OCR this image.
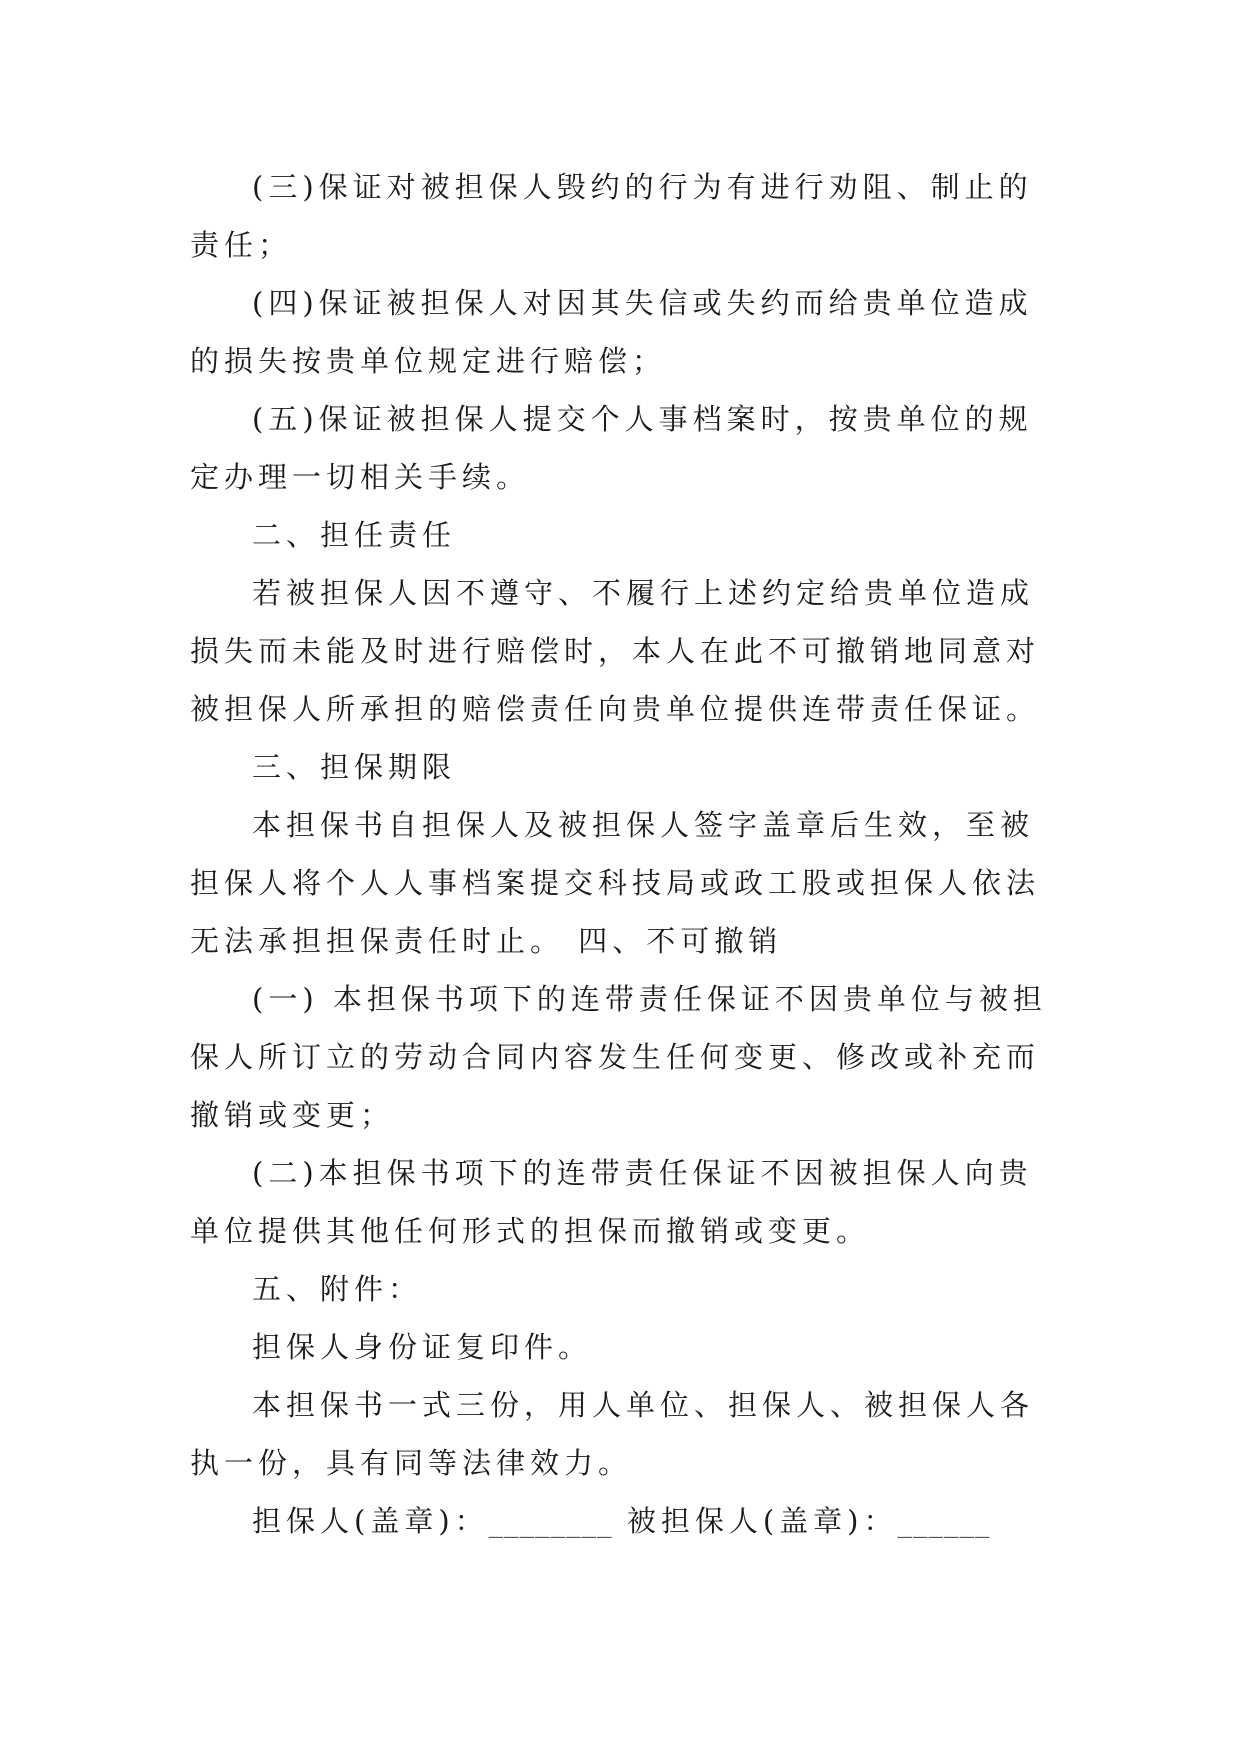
(三)保证对被担保人毁约的行为有进行劝阻、制止的责任；

(四)保证被担保人对因其失信或失约而给贵单位造成的损失按贵单位规定进行赔偿；

(五)保证被担保人提交个人事档案时，按贵单位的规定办理一切相关手续。

二、担任责任

若被担保人因不遵守、不履行上述约定给贵单位造成损失而未能及时进行赔偿时，本人在此不可撤销地同意对被担保人所承担的赔偿责任向贵单位提供连带责任保证。

三、担保期限

本担保书自担保人及被担保人签字盖章后生效，至被担保人将个人人事档案提交科技局或政工股或担保人依法无法承担担保责任时止。 四、不可撤销

(一) 本担保书项下的连带责任保证不因贵单位与被担保人所订立的劳动合同内容发生任何变更、修改或补充而撤销或变更；

(二)本担保书项下的连带责任保证不因被担保人向贵单位提供其他任何形式的担保而撤销或变更。

五、附件：

担保人身份证复印件。

本担保书一式三份，用人单位、担保人、被担保人各执一份，具有同等法律效力。

担保人(盖章)：________ 被担保人(盖章)：______
